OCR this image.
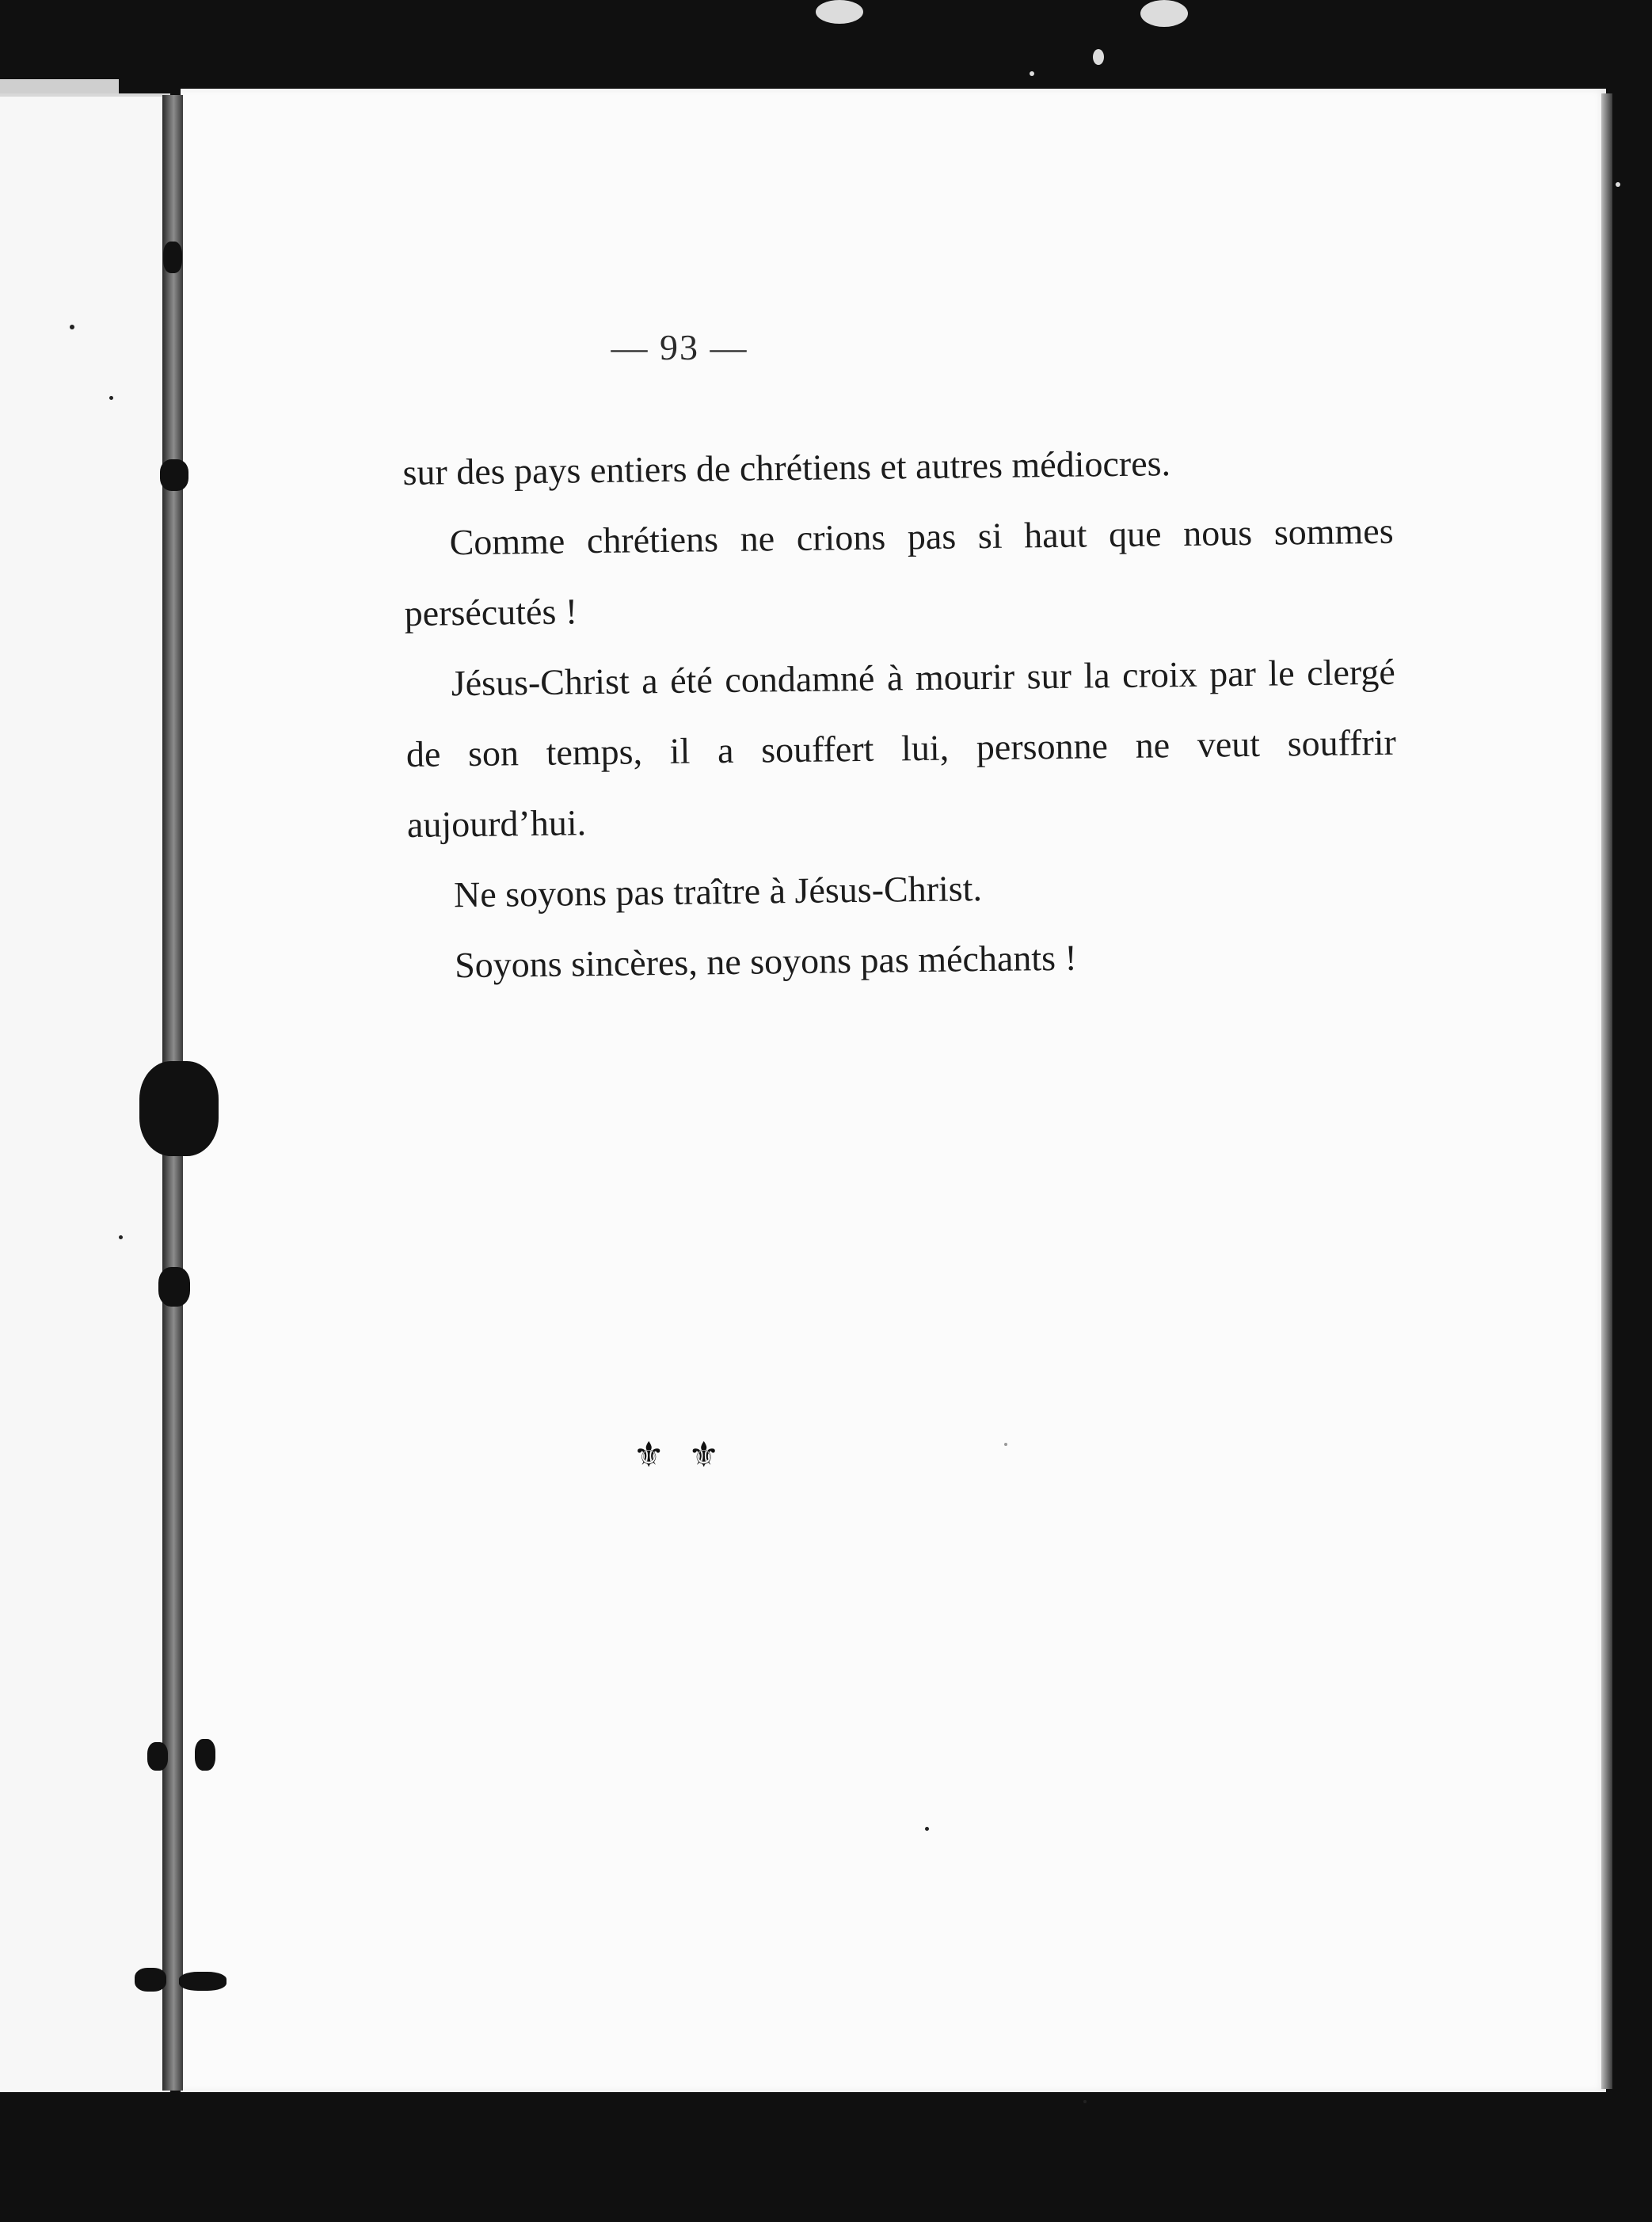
— 93 —

sur des pays entiers de chrétiens et autres médiocres.

Comme chrétiens ne crions pas si haut que nous sommes persécutés !

Jésus-Christ a été condamné à mourir sur la croix par le clergé de son temps, il a souffert lui, personne ne veut souffrir aujourd’hui.

Ne soyons pas traître à Jésus-Christ.

Soyons sincères, ne soyons pas méchants !

⚜ ⚜
